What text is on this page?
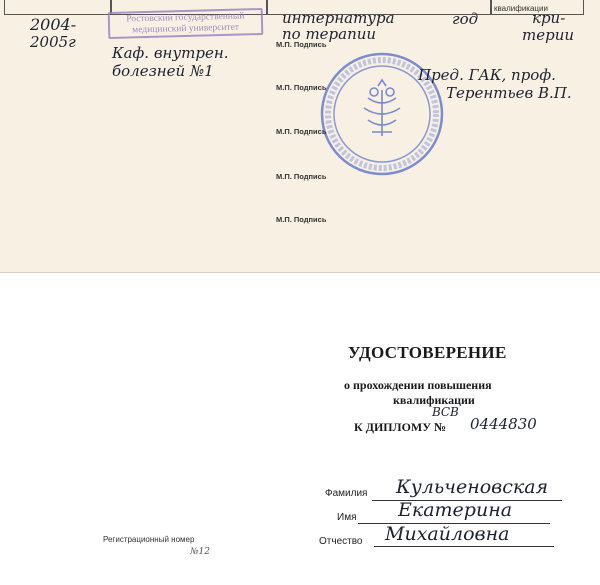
квалификации
2004-
2005г
Ростовский государственный
медицинский университет
интернатура
по терапии
год	кри-
терии
Каф. внутрен.
болезней №1	Пред. ГАК, проф.
Терентьев В.П.
М.П. Подпись
М.П. Подпись
М.П. Подпись
М.П. Подпись
М.П. Подпись
УДОСТОВЕРЕНИЕ
о прохождении повышения
квалификации
ВСВ
К ДИПЛОМУ № 0444830
Фамилия Кульченовская
Имя Екатерина
Отчество Михайловна
Регистрационный номер
№12
